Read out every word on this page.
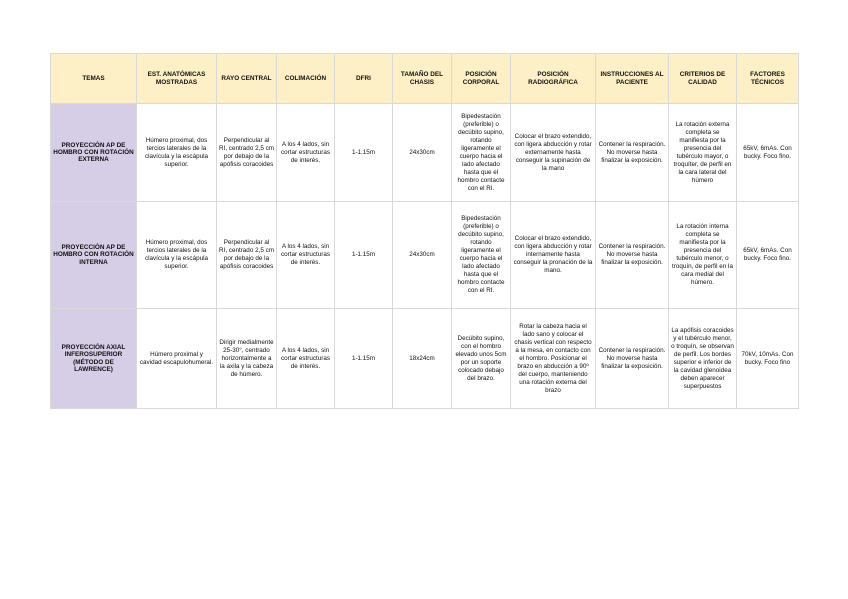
TEMAS	EST. ANATÓMICAS MOSTRADAS	RAYO CENTRAL	COLIMACIÓN	DFRI	TAMAÑO DEL CHASIS	POSICIÓN CORPORAL	POSICIÓN RADIOGRÁFICA	INSTRUCCIONES AL PACIENTE	CRITERIOS DE CALIDAD	FACTORES TÉCNICOS
PROYECCIÓN AP DE HOMBRO CON ROTACIÓN EXTERNA	Húmero proximal, dos tercios laterales de la clavícula y la escápula superior.	Perpendicular al RI, centrado 2,5 cm por debajo de la apófisis coracoides	A los 4 lados, sin cortar estructuras de interés.	1-1.15m	24x30cm	Bipedestación (preferible) o decúbito supino, rotando ligeramente el cuerpo hacia el lado afectado hasta que el hombro contacte con el RI.	Colocar el brazo extendido, con ligera abducción y rotar externamente hasta conseguir la supinación de la mano	Contener la respiración. No moverse hasta finalizar la exposición.	La rotación externa completa se manifiesta por la presencia del tubérculo mayor, o troquíter, de perfil en la cara lateral del húmero	65kV, 6mAs. Con bucky. Foco fino.
PROYECCIÓN AP DE HOMBRO CON ROTACIÓN INTERNA	Húmero proximal, dos tercios laterales de la clavícula y la escápula superior.	Perpendicular al RI, centrado 2,5 cm por debajo de la apófisis coracoides	A los 4 lados, sin cortar estructuras de interés.	1-1.15m	24x30cm	Bipedestación (preferible) o decúbito supino, rotando ligeramente el cuerpo hacia el lado afectado hasta que el hombro contacte con el RI.	Colocar el brazo extendido, con ligera abducción y rotar internamente hasta conseguir la pronación de la mano.	Contener la respiración. No moverse hasta finalizar la exposición.	La rotación interna completa se manifiesta por la presencia del tubérculo menor, o troquín, de perfil en la cara medial del húmero.	65kV, 6mAs. Con bucky. Foco fino.
PROYECCIÓN AXIAL INFEROSUPERIOR (MÉTODO DE LAWRENCE)	Húmero proximal y cavidad escapulohumeral.	Dirigir medialmente 25-30°, centrado horizontalmente a la axila y la cabeza de húmero.	A los 4 lados, sin cortar estructuras de interés.	1-1.15m	18x24cm	Decúbito supino, con el hombro elevado unos 5cm por un soporte colocado debajo del brazo.	Rotar la cabeza hacia el lado sano y colocar el chasis vertical con respecto a la mesa, en contacto con el hombro. Posicionar el brazo en abducción a 90º del cuerpo, manteniendo una rotación externa del brazo	Contener la respiración. No moverse hasta finalizar la exposición.	La apófisis coracoides y el tubérculo menor, o troquín, se observan de perfil. Los bordes superior e inferior de la cavidad glenoidea deben aparecer superpuestos	70kV, 10mAs. Con bucky. Foco fino
